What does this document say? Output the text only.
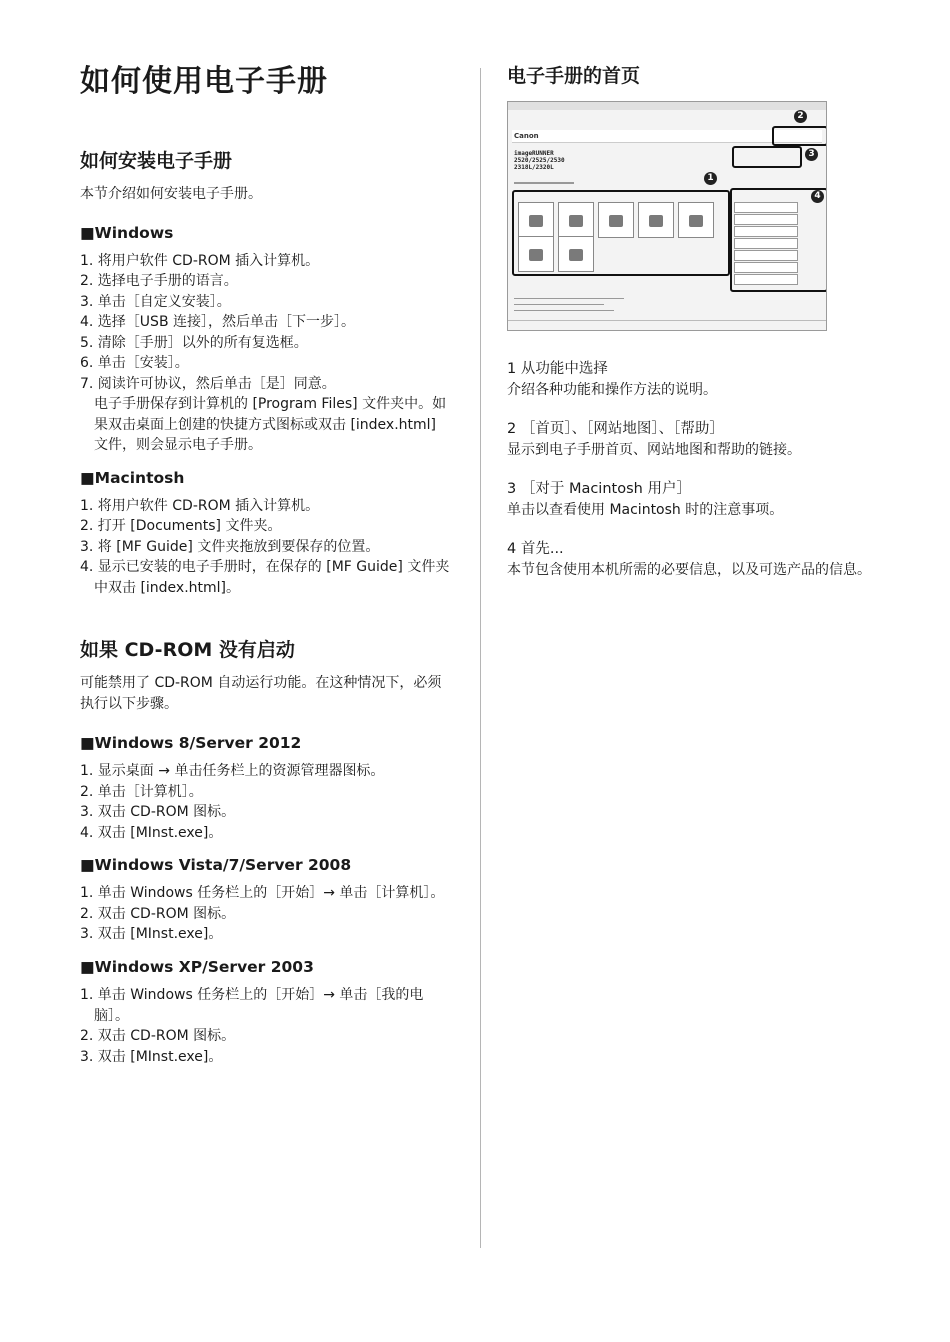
如何使用电子手册
如何安装电子手册

本节介绍如何安装电子手册。

■Windows
1. 将用户软件 CD-ROM 插入计算机。
2. 选择电子手册的语言。
3. 单击［自定义安装］。
4. 选择［USB 连接］，然后单击［下一步］。
5. 清除［手册］以外的所有复选框。
6. 单击［安装］。
7. 阅读许可协议，然后单击［是］同意。
电子手册保存到计算机的 [Program Files] 文件夹中。如果双击桌面上创建的快捷方式图标或双击 [index.html] 文件，则会显示电子手册。
■Macintosh
1. 将用户软件 CD-ROM 插入计算机。
2. 打开 [Documents] 文件夹。
3. 将 [MF Guide] 文件夹拖放到要保存的位置。
4. 显示已安装的电子手册时，在保存的 [MF Guide] 文件夹中双击 [index.html]。
如果 CD-ROM 没有启动

可能禁用了 CD-ROM 自动运行功能。在这种情况下，必须执行以下步骤。

■Windows 8/Server 2012
1. 显示桌面 → 单击任务栏上的资源管理器图标。
2. 单击［计算机］。
3. 双击 CD-ROM 图标。
4. 双击 [MInst.exe]。
■Windows Vista/7/Server 2008
1. 单击 Windows 任务栏上的［开始］→ 单击［计算机］。
2. 双击 CD-ROM 图标。
3. 双击 [MInst.exe]。
■Windows XP/Server 2003
1. 单击 Windows 任务栏上的［开始］→ 单击［我的电脑］。
2. 双击 CD-ROM 图标。
3. 双击 [MInst.exe]。
电子手册的首页
Canon
imageRUNNER 2520/2525/2530 2318L/2320L
2
3
1
4

1 从功能中选择

介绍各种功能和操作方法的说明。

2 ［首页］、［网站地图］、［帮助］

显示到电子手册首页、网站地图和帮助的链接。

3 ［对于 Macintosh 用户］

单击以查看使用 Macintosh 时的注意事项。

4 首先...

本节包含使用本机所需的必要信息，以及可选产品的信息。
